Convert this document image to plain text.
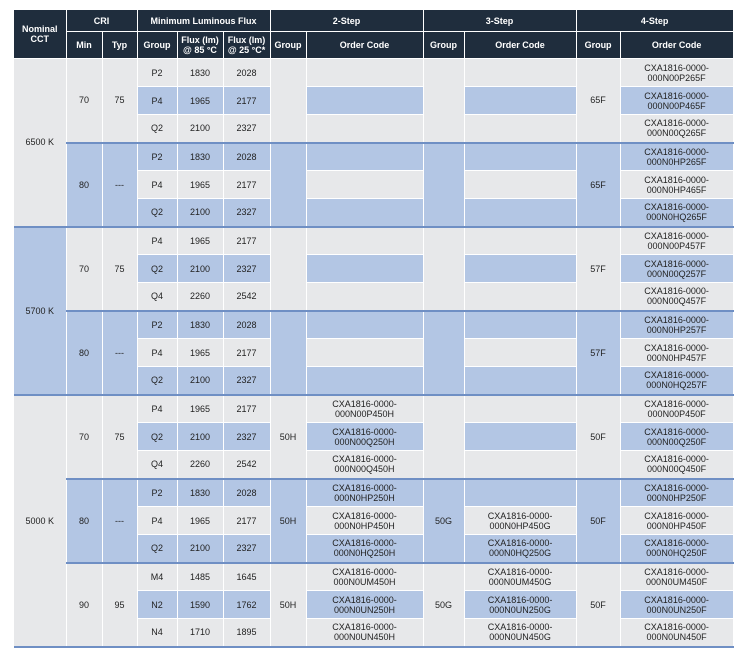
Nominal CCT	CRI		Minimum Luminous Flux			2-Step		3-Step		4-Step	
	Min	Typ	Group	Flux (lm) @ 85 °C	Flux (lm) @ 25 °C*	Group	Order Code	Group	Order Code	Group	Order Code
6500 K	70	75	P2	1830	2028					65F	CXA1816-0000-000N00P265F
			P4	1965	2177						CXA1816-0000-000N00P465F
			Q2	2100	2327						CXA1816-0000-000N00Q265F
	80	---	P2	1830	2028					65F	CXA1816-0000-000N0HP265F
			P4	1965	2177						CXA1816-0000-000N0HP465F
			Q2	2100	2327						CXA1816-0000-000N0HQ265F
5700 K	70	75	P4	1965	2177					57F	CXA1816-0000-000N00P457F
			Q2	2100	2327						CXA1816-0000-000N00Q257F
			Q4	2260	2542						CXA1816-0000-000N00Q457F
	80	---	P2	1830	2028					57F	CXA1816-0000-000N0HP257F
			P4	1965	2177						CXA1816-0000-000N0HP457F
			Q2	2100	2327						CXA1816-0000-000N0HQ257F
5000 K	70	75	P4	1965	2177	50H	CXA1816-0000-000N00P450H			50F	CXA1816-0000-000N00P450F
			Q2	2100	2327		CXA1816-0000-000N00Q250H				CXA1816-0000-000N00Q250F
			Q4	2260	2542		CXA1816-0000-000N00Q450H				CXA1816-0000-000N00Q450F
	80	---	P2	1830	2028	50H	CXA1816-0000-000N0HP250H	50G		50F	CXA1816-0000-000N0HP250F
			P4	1965	2177		CXA1816-0000-000N0HP450H		CXA1816-0000-000N0HP450G		CXA1816-0000-000N0HP450F
			Q2	2100	2327		CXA1816-0000-000N0HQ250H		CXA1816-0000-000N0HQ250G		CXA1816-0000-000N0HQ250F
	90	95	M4	1485	1645	50H	CXA1816-0000-000N0UM450H	50G	CXA1816-0000-000N0UM450G	50F	CXA1816-0000-000N0UM450F
			N2	1590	1762		CXA1816-0000-000N0UN250H		CXA1816-0000-000N0UN250G		CXA1816-0000-000N0UN250F
			N4	1710	1895		CXA1816-0000-000N0UN450H		CXA1816-0000-000N0UN450G		CXA1816-0000-000N0UN450F
